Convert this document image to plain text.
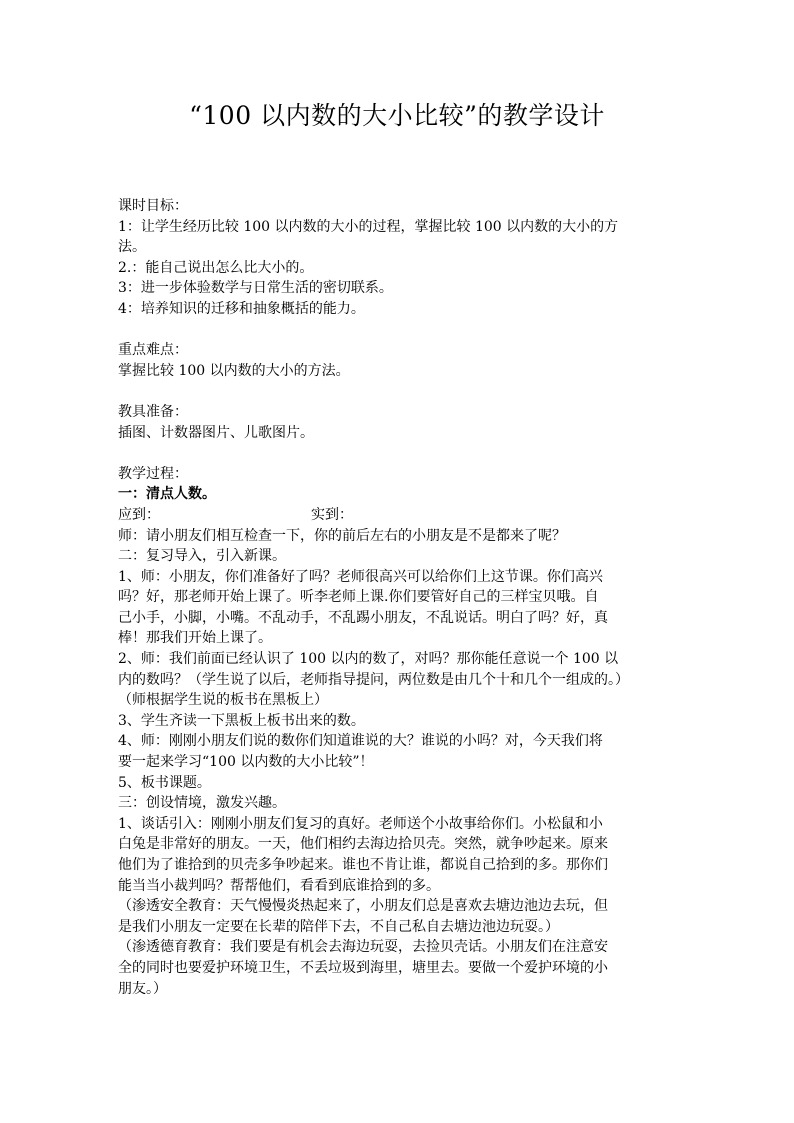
“100 以内数的大小比较”的教学设计

课时目标：

1：让学生经历比较 100 以内数的大小的过程，掌握比较 100 以内数的大小的方

法。

2.：能自己说出怎么比大小的。

3：进一步体验数学与日常生活的密切联系。

4：培养知识的迁移和抽象概括的能力。

重点难点：

掌握比较 100 以内数的大小的方法。

教具准备：

插图、计数器图片、儿歌图片。

教学过程：

一：清点人数。

应到：	实到：

师：请小朋友们相互检查一下，你的前后左右的小朋友是不是都来了呢？

二：复习导入，引入新课。

1、师：小朋友，你们准备好了吗？老师很高兴可以给你们上这节课。你们高兴

吗？好，那老师开始上课了。听李老师上课.你们要管好自己的三样宝贝哦。自

己小手，小脚，小嘴。不乱动手，不乱踢小朋友，不乱说话。明白了吗？好，真

棒！那我们开始上课了。

2、师：我们前面已经认识了 100 以内的数了，对吗？那你能任意说一个 100 以

内的数吗？（学生说了以后，老师指导提问，两位数是由几个十和几个一组成的。）

（师根据学生说的板书在黑板上）

3、学生齐读一下黑板上板书出来的数。

4、师：刚刚小朋友们说的数你们知道谁说的大？谁说的小吗？对，今天我们将

要一起来学习“100 以内数的大小比较”！

5、板书课题。

三：创设情境，激发兴趣。

1、谈话引入：刚刚小朋友们复习的真好。老师送个小故事给你们。小松鼠和小

白兔是非常好的朋友。一天，他们相约去海边拾贝壳。突然，就争吵起来。原来

他们为了谁拾到的贝壳多争吵起来。谁也不肯让谁，都说自己拾到的多。那你们

能当当小裁判吗？帮帮他们，看看到底谁拾到的多。

（渗透安全教育：天气慢慢炎热起来了，小朋友们总是喜欢去塘边池边去玩，但

是我们小朋友一定要在长辈的陪伴下去，不自己私自去塘边池边玩耍。）

（渗透德育教育：我们要是有机会去海边玩耍，去捡贝壳话。小朋友们在注意安

全的同时也要爱护环境卫生，不丢垃圾到海里，塘里去。要做一个爱护环境的小

朋友。）
